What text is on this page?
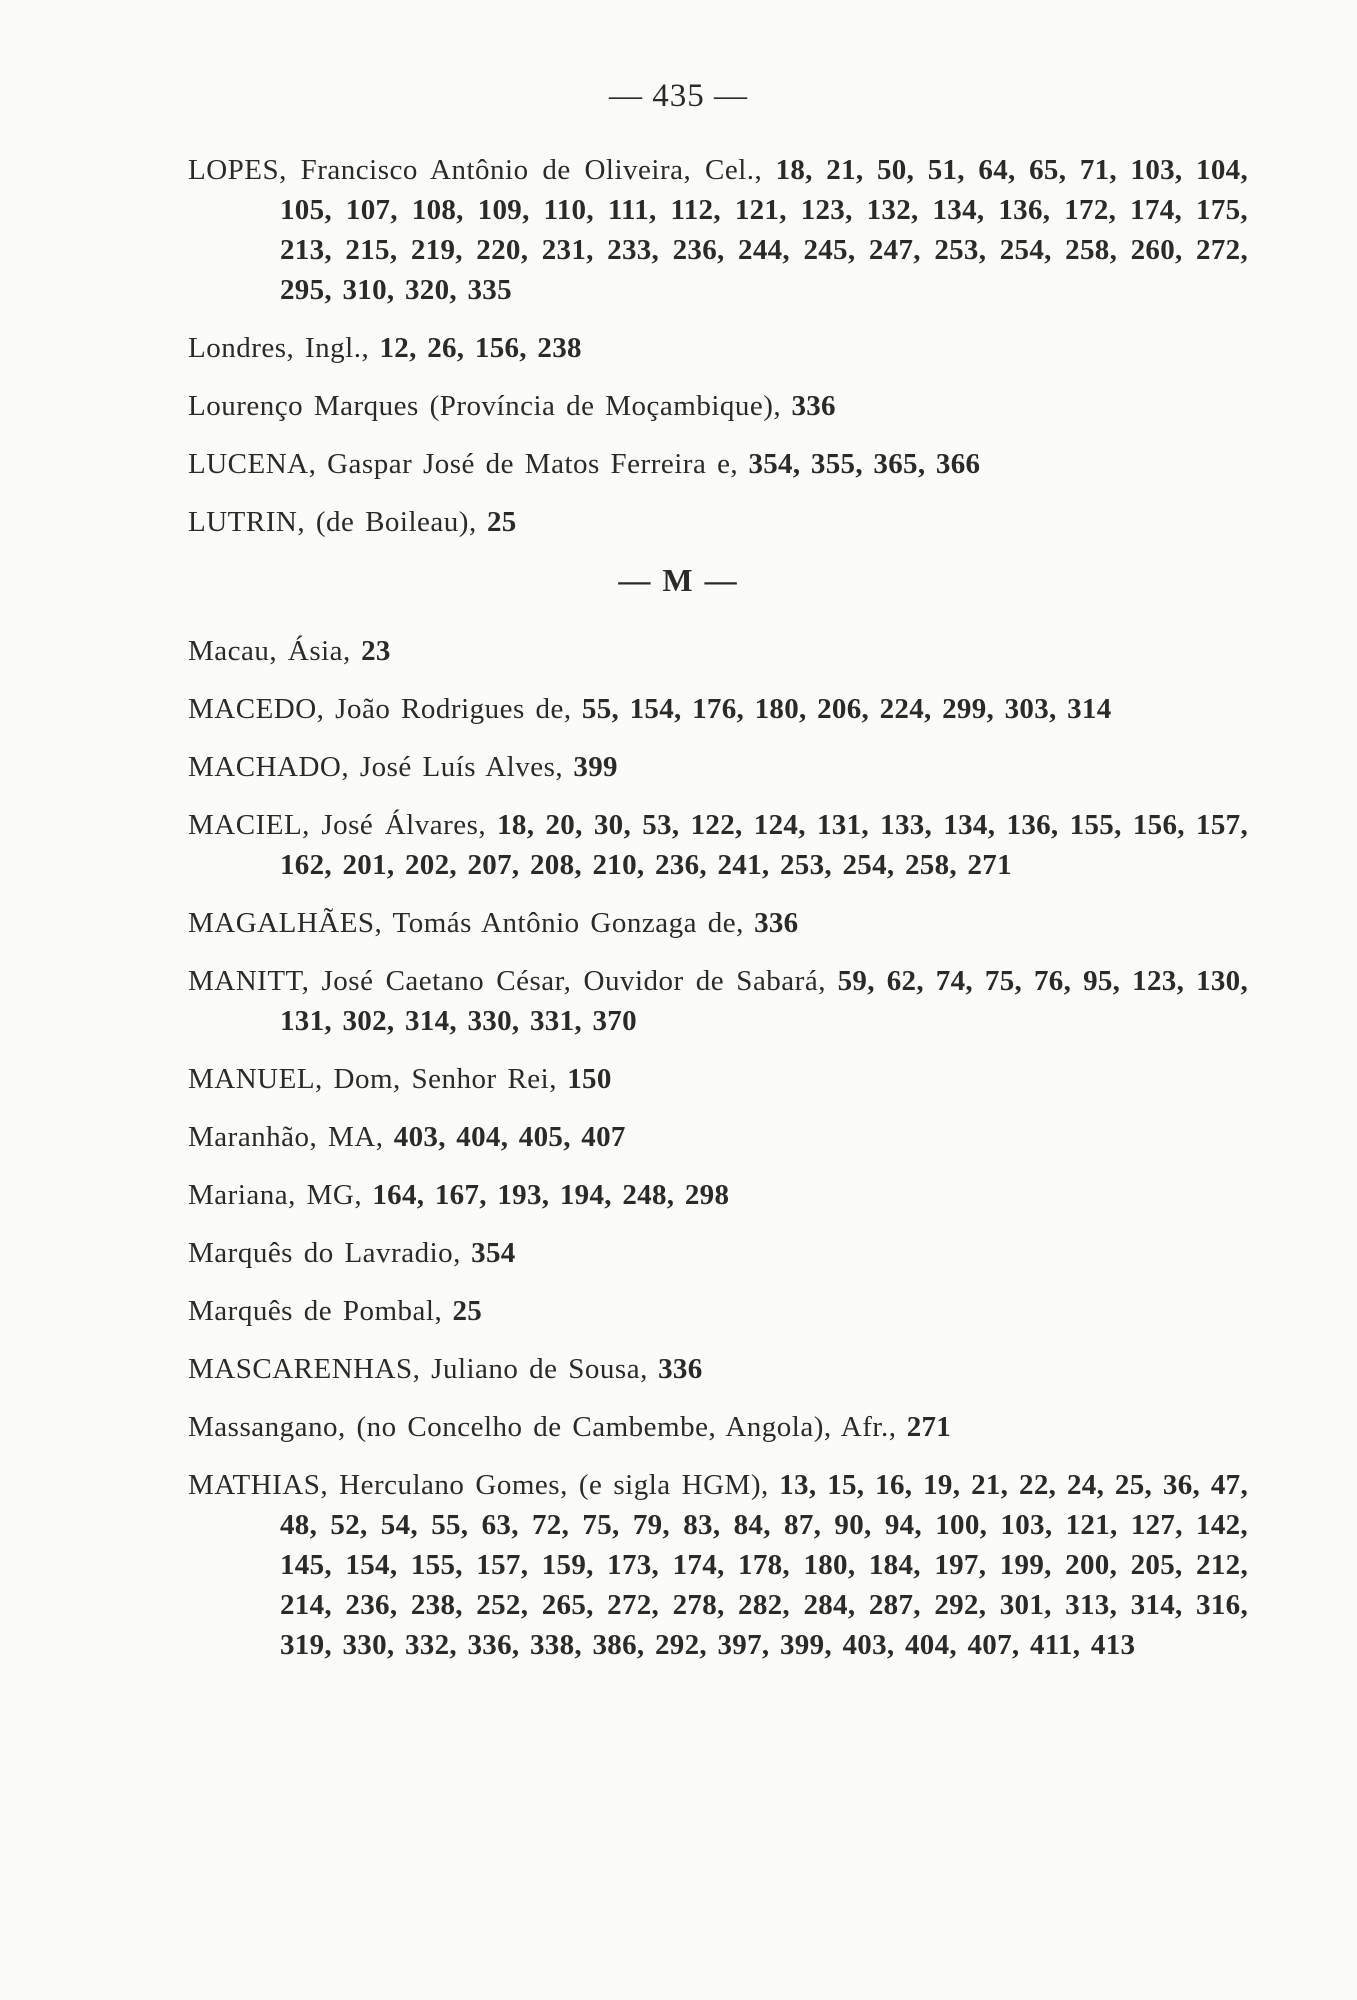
— 435 —

LOPES, Francisco Antônio de Oliveira, Cel., 18, 21, 50, 51, 64, 65, 71, 103, 104, 105, 107, 108, 109, 110, 111, 112, 121, 123, 132, 134, 136, 172, 174, 175, 213, 215, 219, 220, 231, 233, 236, 244, 245, 247, 253, 254, 258, 260, 272, 295, 310, 320, 335

Londres, Ingl., 12, 26, 156, 238

Lourenço Marques (Província de Moçambique), 336

LUCENA, Gaspar José de Matos Ferreira e, 354, 355, 365, 366

LUTRIN, (de Boileau), 25

— M —

Macau, Ásia, 23

MACEDO, João Rodrigues de, 55, 154, 176, 180, 206, 224, 299, 303, 314

MACHADO, José Luís Alves, 399

MACIEL, José Álvares, 18, 20, 30, 53, 122, 124, 131, 133, 134, 136, 155, 156, 157, 162, 201, 202, 207, 208, 210, 236, 241, 253, 254, 258, 271

MAGALHÃES, Tomás Antônio Gonzaga de, 336

MANITT, José Caetano César, Ouvidor de Sabará, 59, 62, 74, 75, 76, 95, 123, 130, 131, 302, 314, 330, 331, 370

MANUEL, Dom, Senhor Rei, 150

Maranhão, MA, 403, 404, 405, 407

Mariana, MG, 164, 167, 193, 194, 248, 298

Marquês do Lavradio, 354

Marquês de Pombal, 25

MASCARENHAS, Juliano de Sousa, 336

Massangano, (no Concelho de Cambembe, Angola), Afr., 271

MATHIAS, Herculano Gomes, (e sigla HGM), 13, 15, 16, 19, 21, 22, 24, 25, 36, 47, 48, 52, 54, 55, 63, 72, 75, 79, 83, 84, 87, 90, 94, 100, 103, 121, 127, 142, 145, 154, 155, 157, 159, 173, 174, 178, 180, 184, 197, 199, 200, 205, 212, 214, 236, 238, 252, 265, 272, 278, 282, 284, 287, 292, 301, 313, 314, 316, 319, 330, 332, 336, 338, 386, 292, 397, 399, 403, 404, 407, 411, 413
